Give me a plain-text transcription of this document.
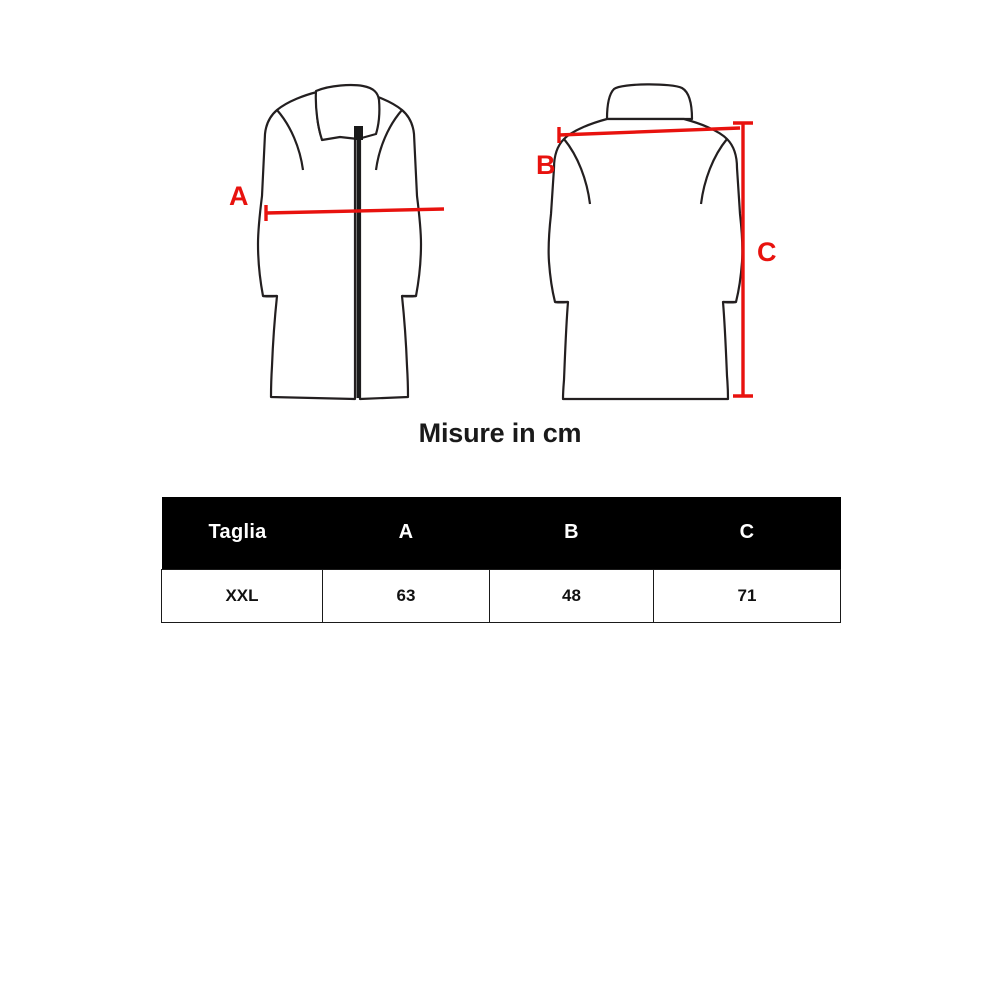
A
B
C
Misure in cm
Taglia	A	B	C
XXL	63	48	71
